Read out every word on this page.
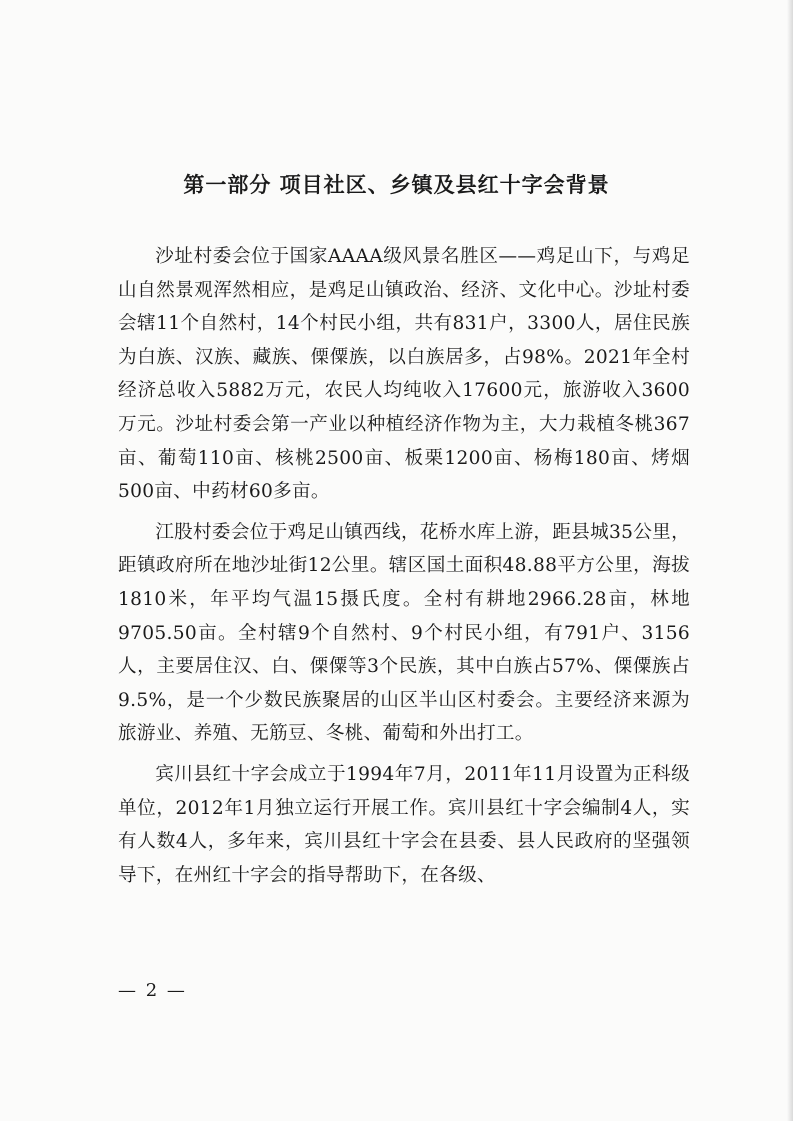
第一部分 项目社区、乡镇及县红十字会背景

沙址村委会位于国家AAAA级风景名胜区——鸡足山下，与鸡足山自然景观浑然相应，是鸡足山镇政治、经济、文化中心。沙址村委会辖11个自然村，14个村民小组，共有831户，3300人，居住民族为白族、汉族、藏族、傈僳族，以白族居多，占98%。2021年全村经济总收入5882万元，农民人均纯收入17600元，旅游收入3600万元。沙址村委会第一产业以种植经济作物为主，大力栽植冬桃367亩、葡萄110亩、核桃2500亩、板栗1200亩、杨梅180亩、烤烟500亩、中药材60多亩。

江股村委会位于鸡足山镇西线，花桥水库上游，距县城35公里，距镇政府所在地沙址街12公里。辖区国土面积48.88平方公里，海拔1810米，年平均气温15摄氏度。全村有耕地2966.28亩，林地9705.50亩。全村辖9个自然村、9个村民小组，有791户、3156人，主要居住汉、白、傈僳等3个民族，其中白族占57%、傈僳族占9.5%，是一个少数民族聚居的山区半山区村委会。主要经济来源为旅游业、养殖、无筋豆、冬桃、葡萄和外出打工。

宾川县红十字会成立于1994年7月，2011年11月设置为正科级单位，2012年1月独立运行开展工作。宾川县红十字会编制4人，实有人数4人，多年来，宾川县红十字会在县委、县人民政府的坚强领导下，在州红十字会的指导帮助下，在各级、

— 2 —
